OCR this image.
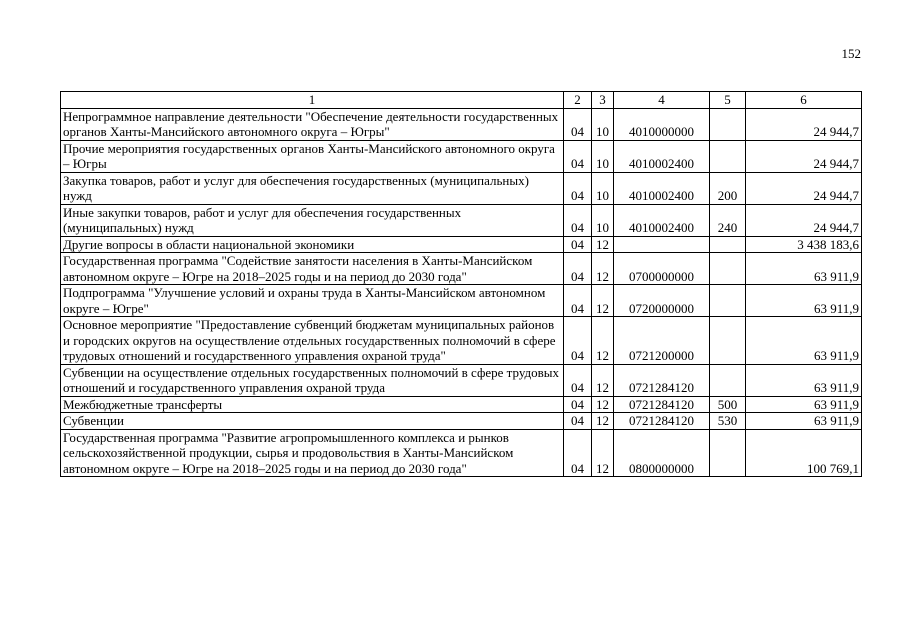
152
1	2	3	4	5	6
Непрограммное направление деятельности "Обеспечение деятельности государственных органов Ханты-Мансийского автономного округа – Югры"	04	10	4010000000		24 944,7
Прочие мероприятия государственных органов Ханты-Мансийского автономного округа – Югры	04	10	4010002400		24 944,7
Закупка товаров, работ и услуг для обеспечения государственных (муниципальных) нужд	04	10	4010002400	200	24 944,7
Иные закупки товаров, работ и услуг для обеспечения государственных (муниципальных) нужд	04	10	4010002400	240	24 944,7
Другие вопросы в области национальной экономики	04	12			3 438 183,6
Государственная программа "Содействие занятости населения в Ханты-Мансийском автономном округе – Югре на 2018–2025 годы и на период до 2030 года"	04	12	0700000000		63 911,9
Подпрограмма "Улучшение условий и охраны труда в Ханты-Мансийском автономном округе – Югре"	04	12	0720000000		63 911,9
Основное мероприятие "Предоставление субвенций бюджетам муниципальных районов и городских округов на осуществление отдельных государственных полномочий в сфере трудовых отношений и государственного управления охраной труда"	04	12	0721200000		63 911,9
Субвенции на осуществление отдельных государственных полномочий в сфере трудовых отношений и государственного управления охраной труда	04	12	0721284120		63 911,9
Межбюджетные трансферты	04	12	0721284120	500	63 911,9
Субвенции	04	12	0721284120	530	63 911,9
Государственная программа "Развитие агропромышленного комплекса и рынков сельскохозяйственной продукции, сырья и продовольствия в Ханты-Мансийском автономном округе – Югре на 2018–2025 годы и на период до 2030 года"	04	12	0800000000		100 769,1
